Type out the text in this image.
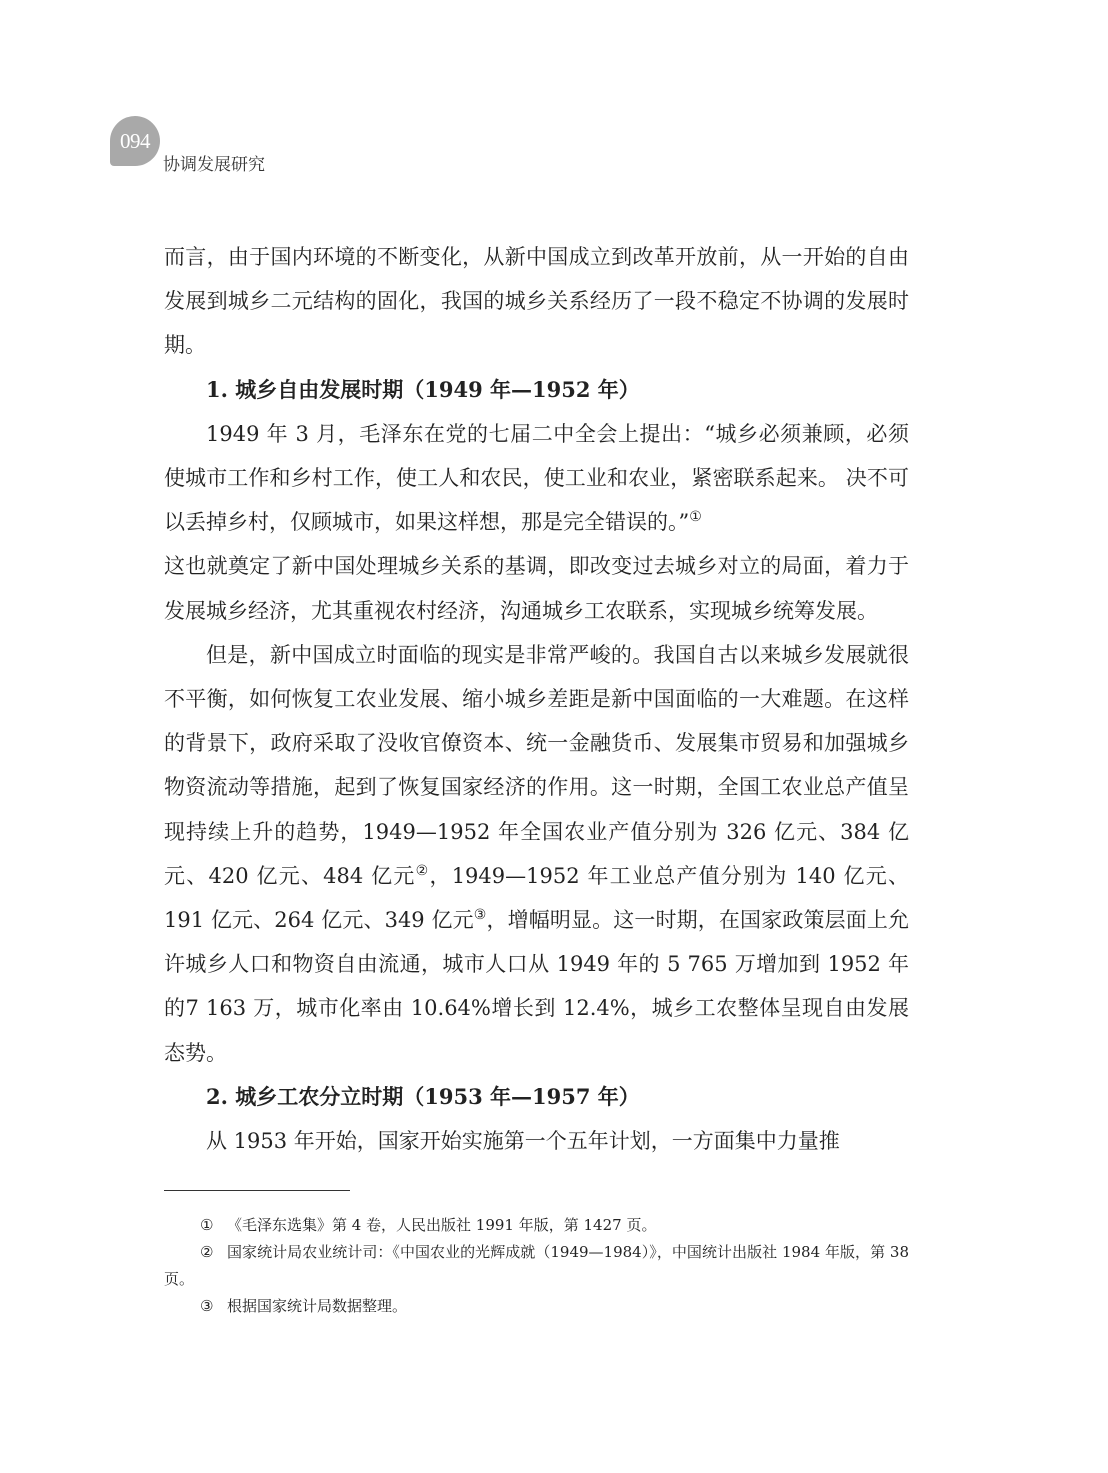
094
协调发展研究

而言，由于国内环境的不断变化，从新中国成立到改革开放前，从一开始的自由发展到城乡二元结构的固化，我国的城乡关系经历了一段不稳定不协调的发展时期。

1. 城乡自由发展时期（1949 年—1952 年）

1949 年 3 月，毛泽东在党的七届二中全会上提出：“城乡必须兼顾，必须使城市工作和乡村工作，使工人和农民，使工业和农业，紧密联系起来。 决不可以丢掉乡村，仅顾城市，如果这样想，那是完全错误的。”①

这也就奠定了新中国处理城乡关系的基调，即改变过去城乡对立的局面，着力于发展城乡经济，尤其重视农村经济，沟通城乡工农联系，实现城乡统筹发展。

但是，新中国成立时面临的现实是非常严峻的。我国自古以来城乡发展就很不平衡，如何恢复工农业发展、缩小城乡差距是新中国面临的一大难题。在这样的背景下，政府采取了没收官僚资本、统一金融货币、发展集市贸易和加强城乡物资流动等措施，起到了恢复国家经济的作用。这一时期，全国工农业总产值呈现持续上升的趋势，1949—1952 年全国农业产值分别为 326 亿元、384 亿元、420 亿元、484 亿元②，1949—1952 年工业总产值分别为 140 亿元、191 亿元、264 亿元、349 亿元③，增幅明显。这一时期，在国家政策层面上允许城乡人口和物资自由流通，城市人口从 1949 年的 5 765 万增加到 1952 年的7 163 万，城市化率由 10.64%增长到 12.4%，城乡工农整体呈现自由发展态势。

2. 城乡工农分立时期（1953 年—1957 年）

从 1953 年开始，国家开始实施第一个五年计划，一方面集中力量推

① 《毛泽东选集》第 4 卷，人民出版社 1991 年版，第 1427 页。

② 国家统计局农业统计司：《中国农业的光辉成就（1949—1984）》，中国统计出版社 1984 年版，第 38 页。

③ 根据国家统计局数据整理。
